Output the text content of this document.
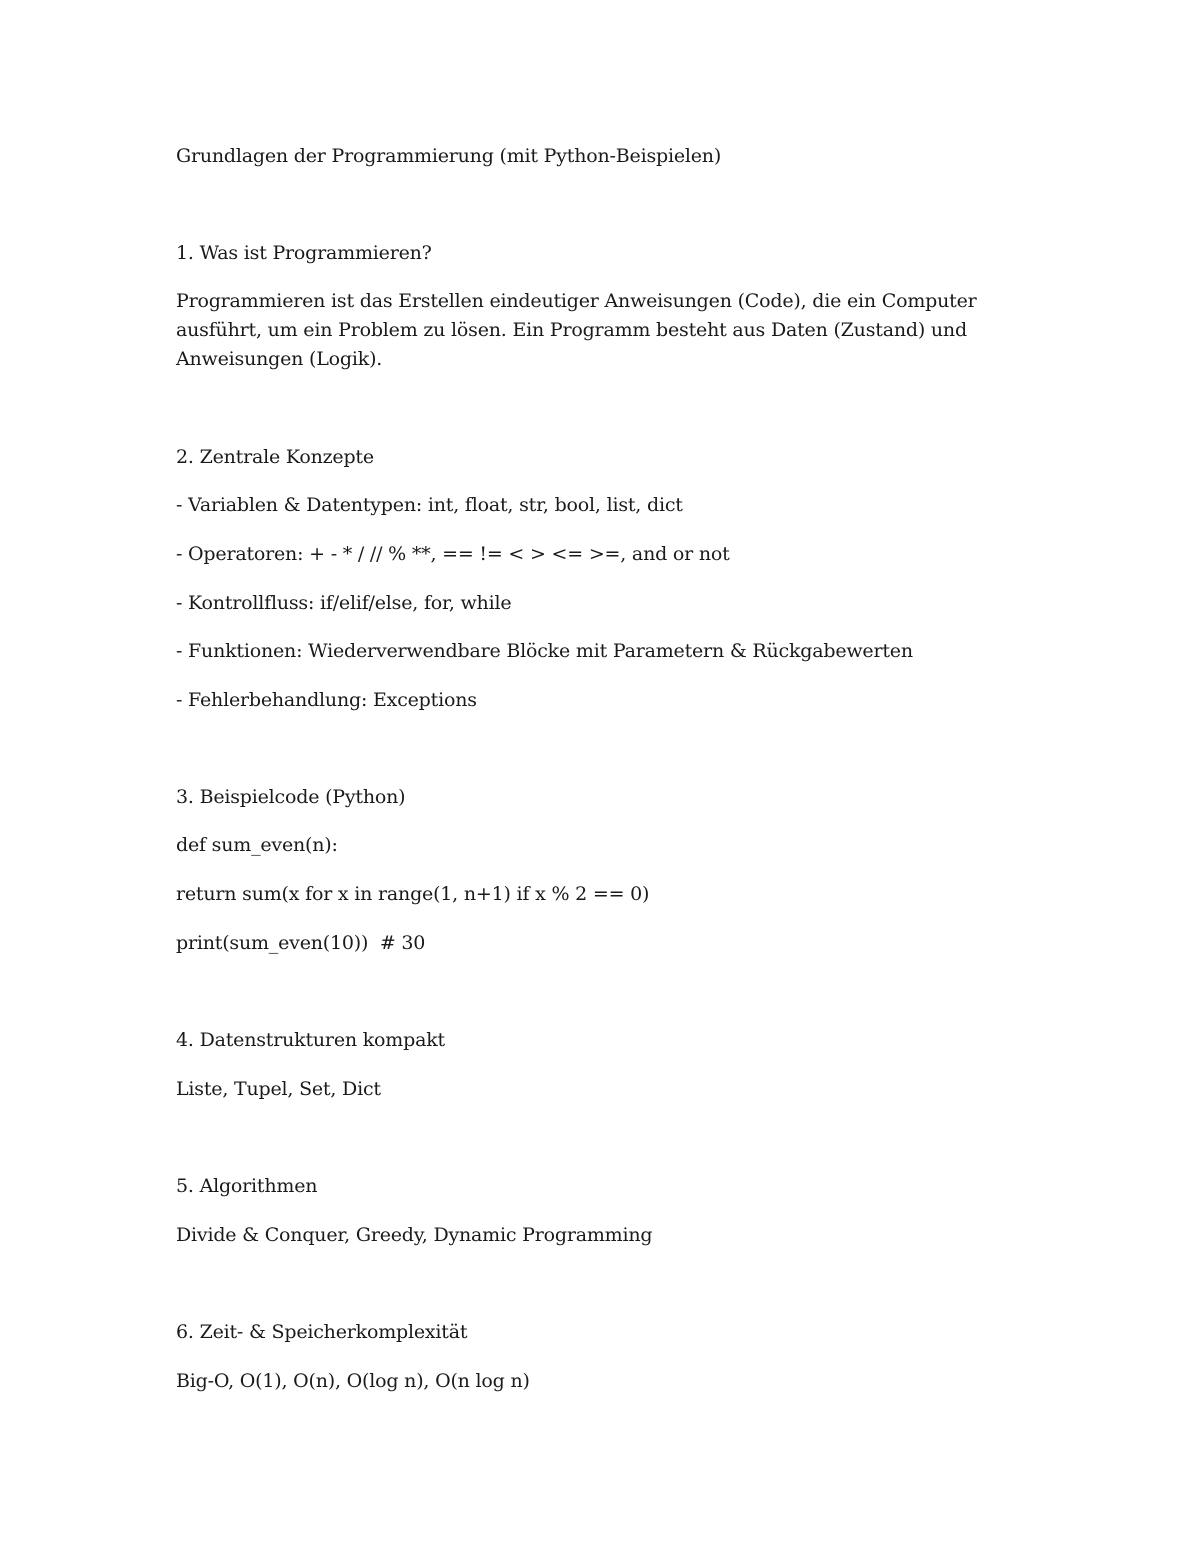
Grundlagen der Programmierung (mit Python-Beispielen)
1. Was ist Programmieren?
Programmieren ist das Erstellen eindeutiger Anweisungen (Code), die ein Computer ausführt, um ein Problem zu lösen. Ein Programm besteht aus Daten (Zustand) und Anweisungen (Logik).
2. Zentrale Konzepte
- Variablen & Datentypen: int, float, str, bool, list, dict
- Operatoren: + - * / // % **, == != < > <= >=, and or not
- Kontrollfluss: if/elif/else, for, while
- Funktionen: Wiederverwendbare Blöcke mit Parametern & Rückgabewerten
- Fehlerbehandlung: Exceptions
3. Beispielcode (Python)
def sum_even(n):
return sum(x for x in range(1, n+1) if x % 2 == 0)
print(sum_even(10))  # 30
4. Datenstrukturen kompakt
Liste, Tupel, Set, Dict
5. Algorithmen
Divide & Conquer, Greedy, Dynamic Programming
6. Zeit- & Speicherkomplexität
Big-O, O(1), O(n), O(log n), O(n log n)
